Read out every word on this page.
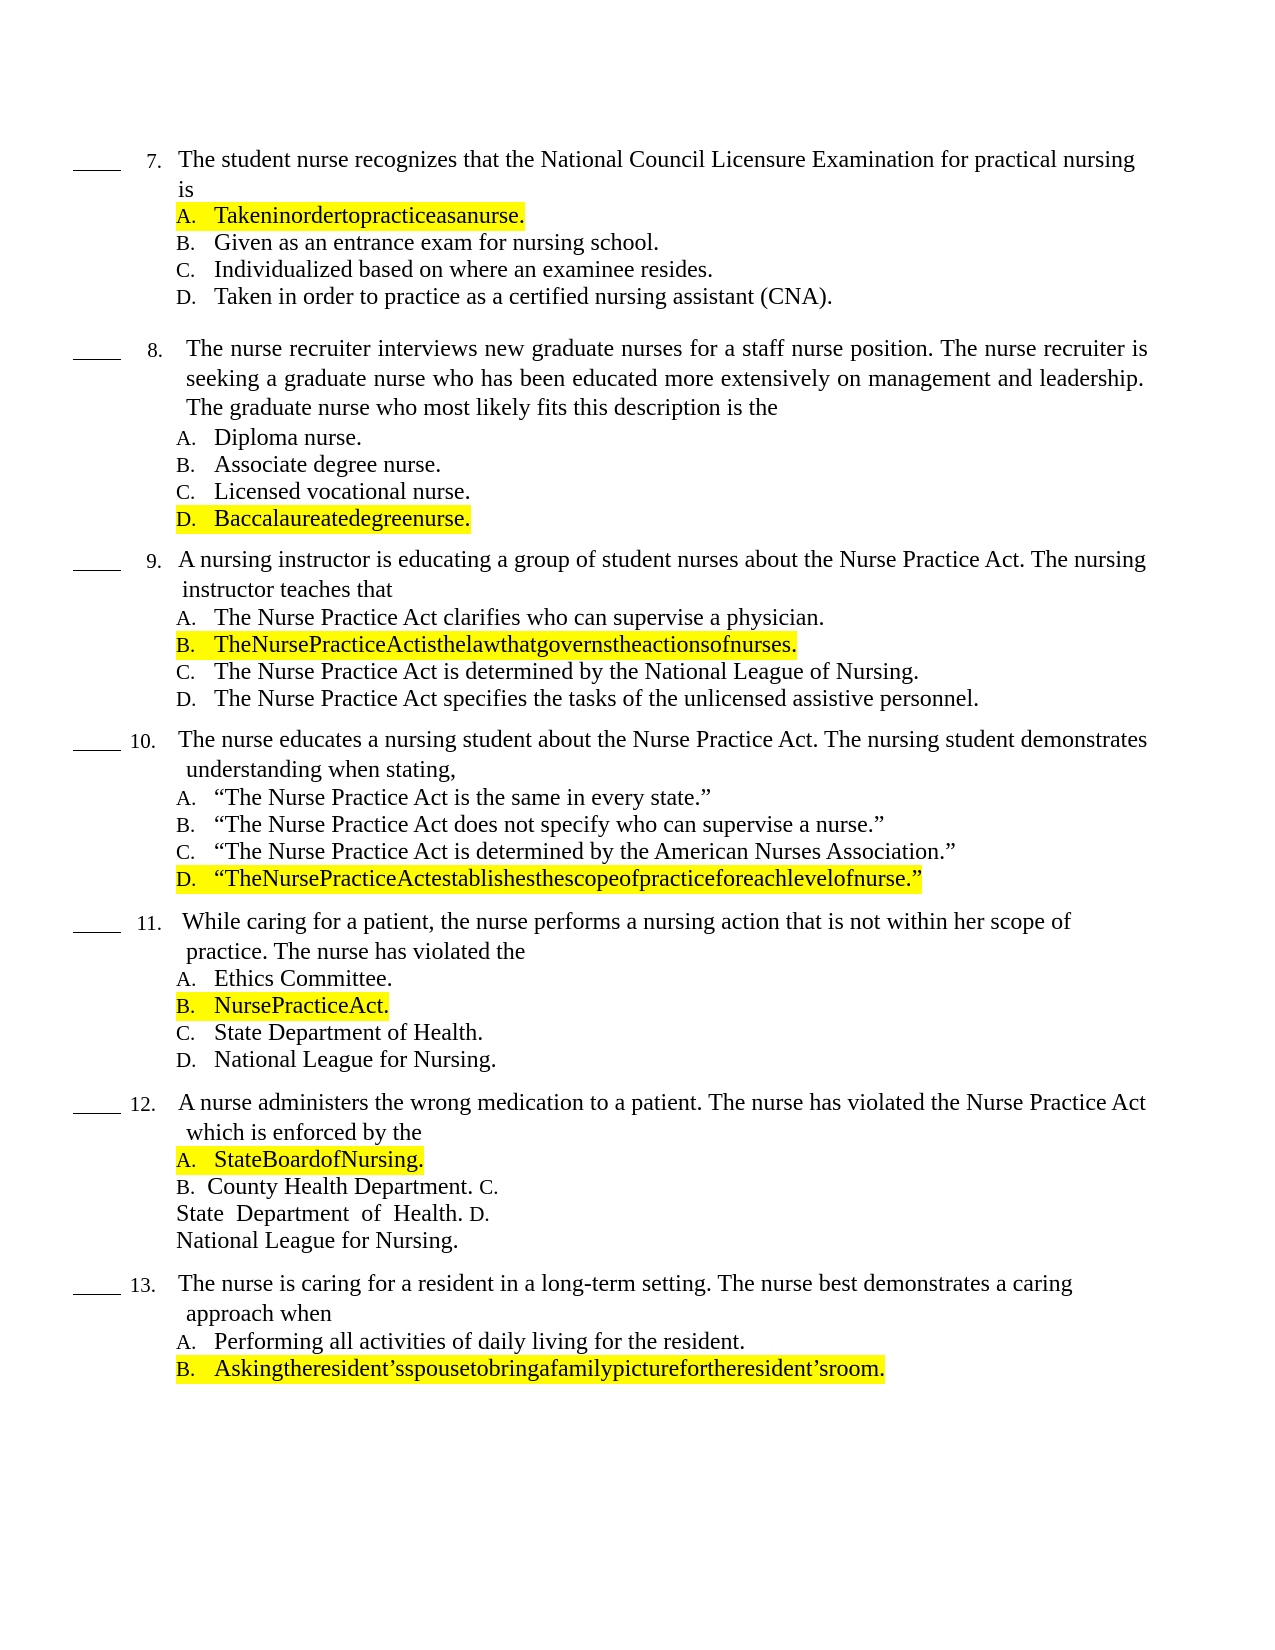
7. The student nurse recognizes that the National Council Licensure Examination for practical nursing
is
A. Takeninordertopracticeasanurse.
B. Given as an entrance exam for nursing school.
C. Individualized based on where an examinee resides.
D. Taken in order to practice as a certified nursing assistant (CNA).
8. The nurse recruiter interviews new graduate nurses for a staff nurse position. The nurse recruiter is
seeking a graduate nurse who has been educated more extensively on management and leadership.
The graduate nurse who most likely fits this description is the
A. Diploma nurse.
B. Associate degree nurse.
C. Licensed vocational nurse.
D. Baccalaureatedegreenurse.
9. A nursing instructor is educating a group of student nurses about the Nurse Practice Act. The nursing
instructor teaches that
A. The Nurse Practice Act clarifies who can supervise a physician.
B. TheNursePracticeActisthelawthatgovernstheactionsofnurses.
C. The Nurse Practice Act is determined by the National League of Nursing.
D. The Nurse Practice Act specifies the tasks of the unlicensed assistive personnel.
10. The nurse educates a nursing student about the Nurse Practice Act. The nursing student demonstrates
understanding when stating,
A. “The Nurse Practice Act is the same in every state.”
B. “The Nurse Practice Act does not specify who can supervise a nurse.”
C. “The Nurse Practice Act is determined by the American Nurses Association.”
D. “TheNursePracticeActestablishesthescopeofpracticeforeachlevelofnurse.”
11. While caring for a patient, the nurse performs a nursing action that is not within her scope of
practice. The nurse has violated the
A. Ethics Committee.
B. NursePracticeAct.
C. State Department of Health.
D. National League for Nursing.
12. A nurse administers the wrong medication to a patient. The nurse has violated the Nurse Practice Act
which is enforced by the
A. StateBoardofNursing.
B. County Health Department. C.
State  Department  of  Health. D.
National League for Nursing.
13. The nurse is caring for a resident in a long-term setting. The nurse best demonstrates a caring
approach when
A. Performing all activities of daily living for the resident.
B. Askingtheresident’sspousetobringafamilypicturefortheresident’sroom.
